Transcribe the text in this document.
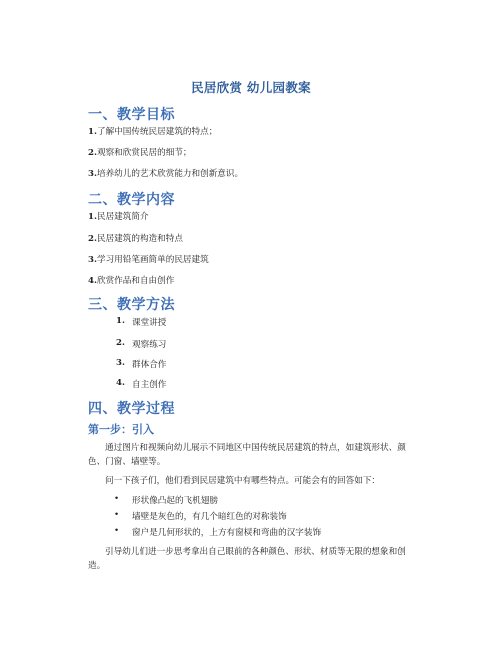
民居欣赏 幼儿园教案
一、教学目标
1.了解中国传统民居建筑的特点；
2.观察和欣赏民居的细节；
3.培养幼儿的艺术欣赏能力和创新意识。
二、教学内容
1.民居建筑简介
2.民居建筑的构造和特点
3.学习用铅笔画简单的民居建筑
4.欣赏作品和自由创作
三、教学方法
1. 课堂讲授
2. 观察练习
3. 群体合作
4. 自主创作
四、教学过程
第一步：引入
通过图片和视频向幼儿展示不同地区中国传统民居建筑的特点，如建筑形状、颜色、门窗、墙壁等。
问一下孩子们，他们看到民居建筑中有哪些特点。可能会有的回答如下：
• 形状像凸起的飞机翅膀
• 墙壁是灰色的，有几个暗红色的对称装饰
• 窗户是几何形状的，上方有窗棂和弯曲的汉字装饰
引导幼儿们进一步思考拿出自己眼前的各种颜色、形状、材质等无限的想象和创造。
